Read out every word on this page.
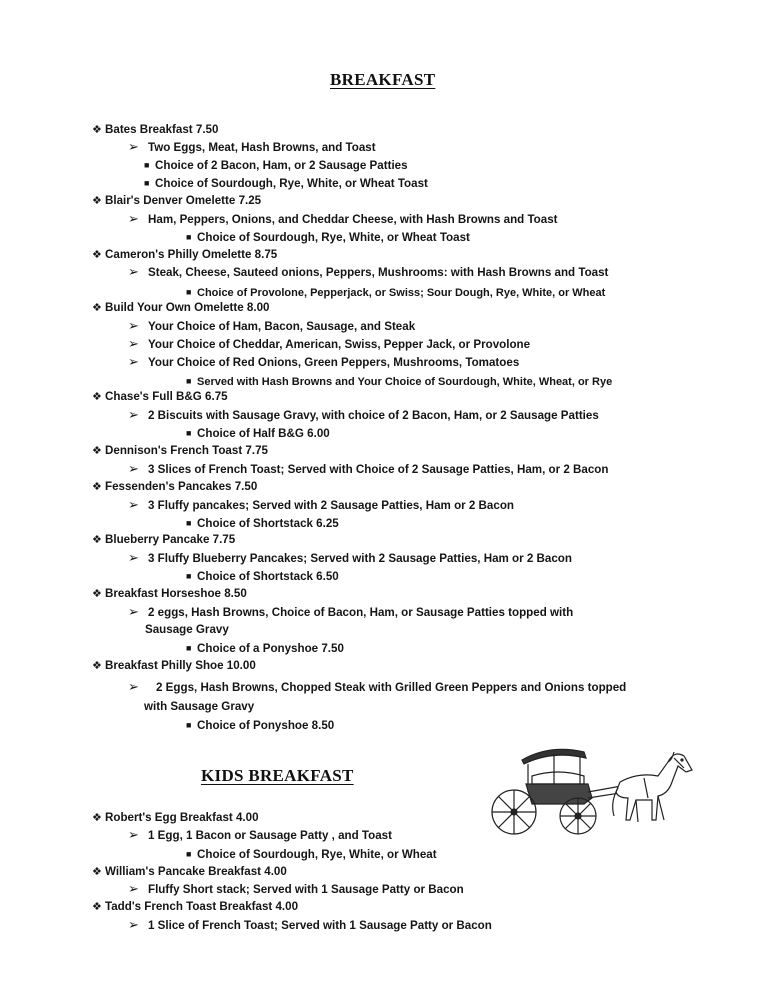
BREAKFAST
❖ Bates Breakfast 7.50
➢ Two Eggs, Meat, Hash Browns, and Toast
■ Choice of 2 Bacon, Ham, or 2 Sausage Patties
■ Choice of Sourdough, Rye, White, or Wheat Toast
❖ Blair's Denver Omelette 7.25
➢ Ham, Peppers, Onions, and Cheddar Cheese, with Hash Browns and Toast
■ Choice of Sourdough, Rye, White, or Wheat Toast
❖ Cameron's Philly Omelette 8.75
➢ Steak, Cheese, Sauteed onions, Peppers, Mushrooms: with Hash Browns and Toast
■ Choice of Provolone, Pepperjack, or Swiss; Sour Dough, Rye, White, or Wheat
❖ Build Your Own Omelette 8.00
➢ Your Choice of Ham, Bacon, Sausage, and Steak
➢ Your Choice of Cheddar, American, Swiss, Pepper Jack, or Provolone
➢ Your Choice of Red Onions, Green Peppers, Mushrooms, Tomatoes
■ Served with Hash Browns and Your Choice of Sourdough, White, Wheat, or Rye
❖ Chase's Full B&G 6.75
➢ 2 Biscuits with Sausage Gravy, with choice of 2 Bacon, Ham, or 2 Sausage Patties
■ Choice of Half B&G 6.00
❖ Dennison's French Toast 7.75
➢ 3 Slices of French Toast; Served with Choice of 2 Sausage Patties, Ham, or 2 Bacon
❖ Fessenden's Pancakes 7.50
➢ 3 Fluffy pancakes; Served with 2 Sausage Patties, Ham or 2 Bacon
■ Choice of Shortstack 6.25
❖ Blueberry Pancake 7.75
➢ 3 Fluffy Blueberry Pancakes; Served with 2 Sausage Patties, Ham or 2 Bacon
■ Choice of Shortstack 6.50
❖ Breakfast Horseshoe 8.50
➢ 2 eggs, Hash Browns, Choice of Bacon, Ham, or Sausage Patties topped with
Sausage Gravy
■ Choice of a Ponyshoe 7.50
❖ Breakfast Philly Shoe 10.00
➢ 2 Eggs, Hash Browns, Chopped Steak with Grilled Green Peppers and Onions topped
with Sausage Gravy
■ Choice of Ponyshoe 8.50
KIDS BREAKFAST
❖ Robert's Egg Breakfast 4.00
➢ 1 Egg, 1 Bacon or Sausage Patty , and Toast
■ Choice of Sourdough, Rye, White, or Wheat
❖ William's Pancake Breakfast 4.00
➢ Fluffy Short stack; Served with 1 Sausage Patty or Bacon
❖ Tadd's French Toast Breakfast 4.00
➢ 1 Slice of French Toast; Served with 1 Sausage Patty or Bacon
